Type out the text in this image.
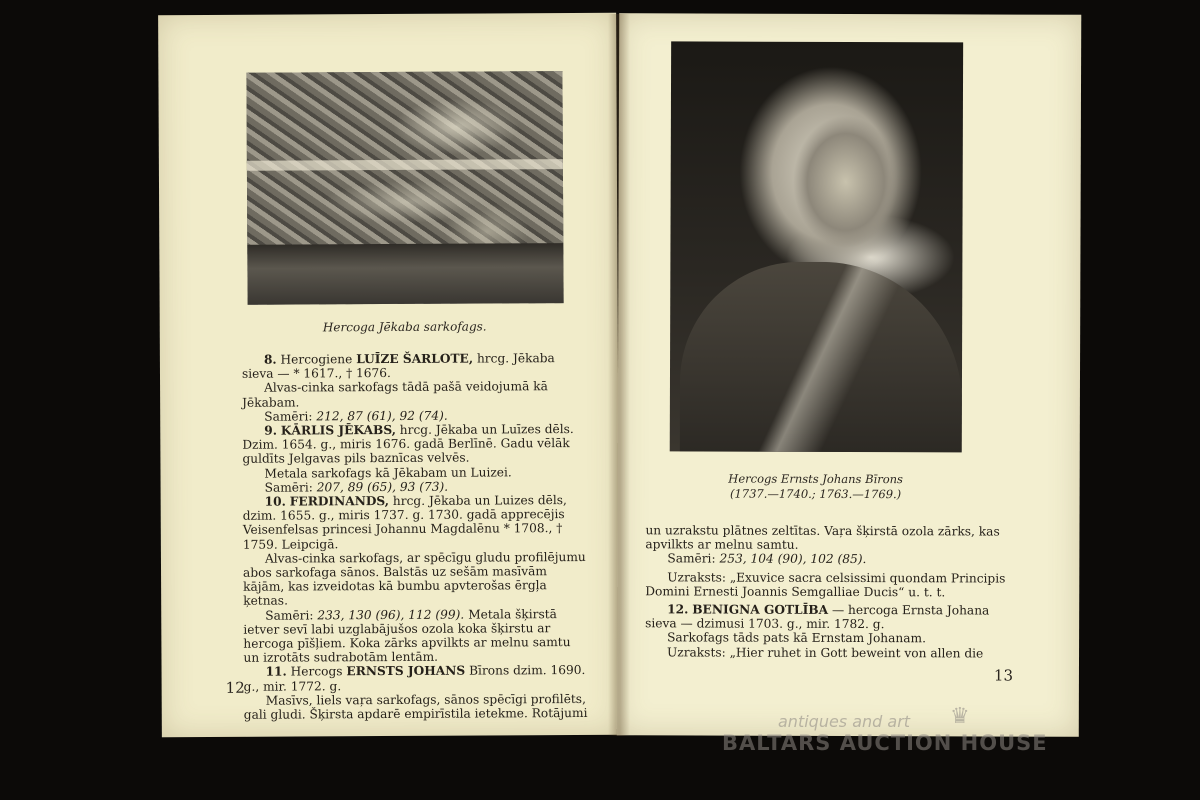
Hercoga Jēkaba sarkofags.

8. Hercogiene LUĪZE ŠARLOTE, hrcg. Jēkaba sieva — * 1617., † 1676.

Alvas-cinka sarkofags tādā pašā veidojumā kā Jēkabam.

Samēri: 212, 87 (61), 92 (74).

9. KĀRLIS JĒKABS, hrcg. Jēkaba un Luīzes dēls. Dzim. 1654. g., miris 1676. gadā Berlīnē. Gadu vēlāk guldīts Jelgavas pils baznīcas velvēs.

Metala sarkofags kā Jēkabam un Luizei.

Samēri: 207, 89 (65), 93 (73).

10. FERDINANDS, hrcg. Jēkaba un Luizes dēls, dzim. 1655. g., miris 1737. g. 1730. gadā apprecējis Veisenfelsas princesi Johannu Magdalēnu * 1708., † 1759. Leipcigā.

Alvas-cinka sarkofags, ar spēcīgu gludu profilējumu abos sarkofaga sānos. Balstās uz sešām masīvām kājām, kas izveidotas kā bumbu apvterošas ērgļa ķetnas.

Samēri: 233, 130 (96), 112 (99). Metala šķirstā ietver sevī labi uzglabājušos ozola koka šķirstu ar hercoga pīšļiem. Koka zārks apvilkts ar melnu samtu un izrotāts sudrabotām lentām.

11. Hercogs ERNSTS JOHANS Bīrons dzim. 1690. g., mir. 1772. g.

Masīvs, liels vaŗa sarkofags, sānos spēcīgi profilēts, gali gludi. Šķirsta apdarē empirīstila ietekme. Rotājumi

12
Hercogs Ernsts Johans Bīrons
(1737.—1740.; 1763.—1769.)

un uzrakstu plātnes zeltītas. Vaŗa šķirstā ozola zārks, kas apvilkts ar melnu samtu.

Samēri: 253, 104 (90), 102 (85).

Uzraksts: „Exuvice sacra celsissimi quondam Principis Domini Ernesti Joannis Semgalliae Ducis“ u. t. t.

12. BENIGNA GOTLĪBA — hercoga Ernsta Johana sieva — dzimusi 1703. g., mir. 1782. g.

Sarkofags tāds pats kā Ernstam Johanam.

Uzraksts: „Hier ruhet in Gott beweint von allen die

13
♛
antiques and art
BALTARS AUCTION HOUSE
